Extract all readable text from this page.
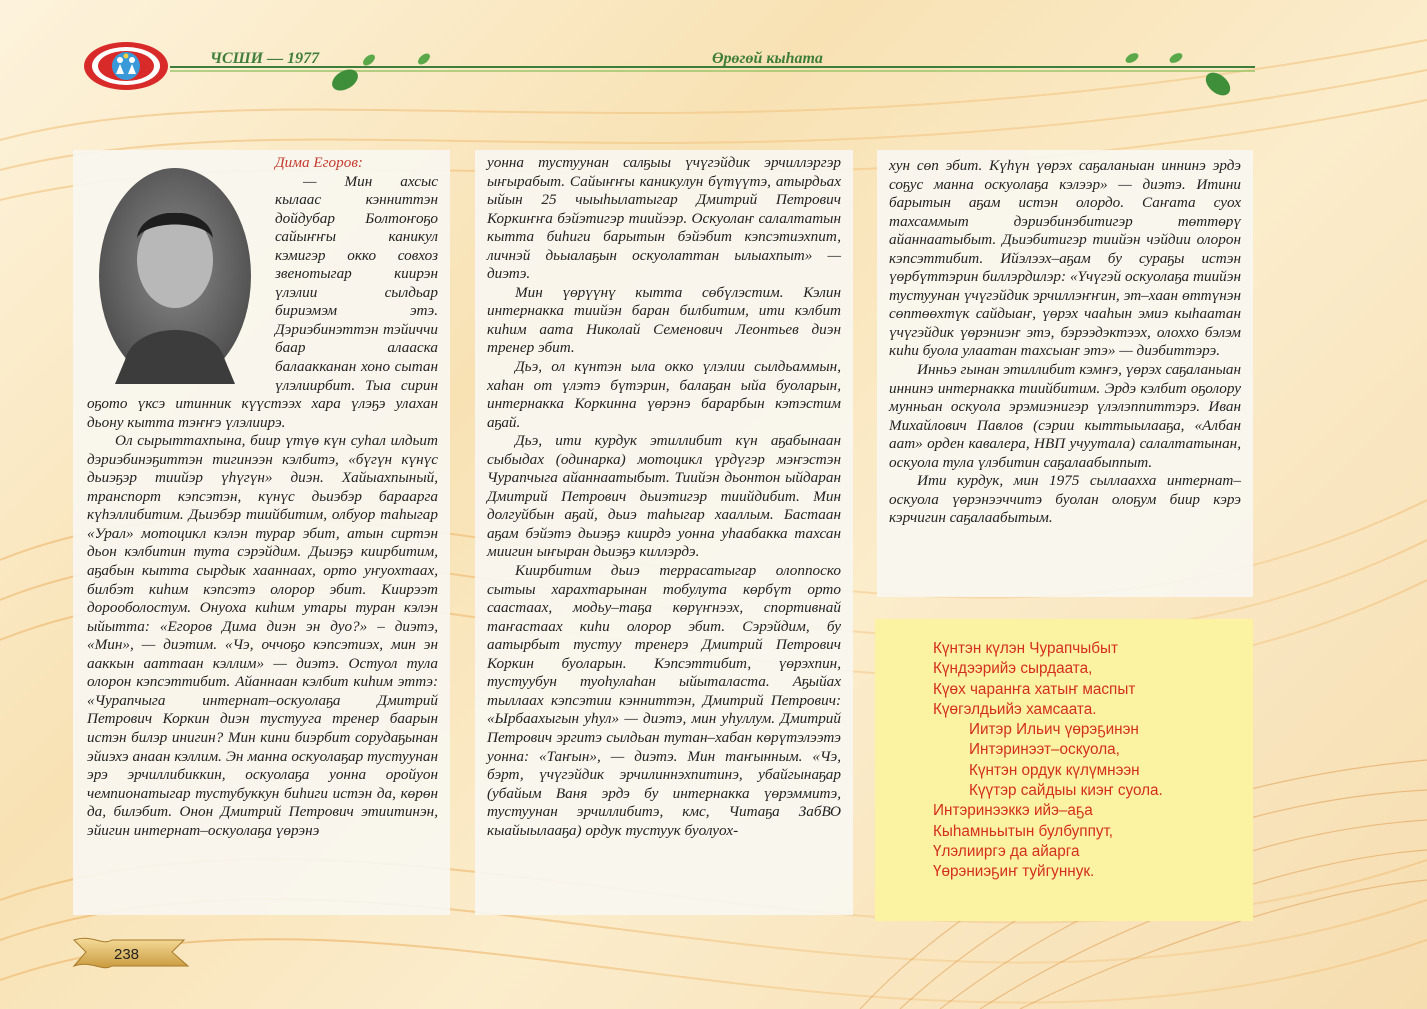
ЧСШИ — 1977	Өрөгөй кыһата

Дима Егоров:

— Мин ахсыс кылаас кэнниттэн дойдубар Болтоҥоҕо сайыҥҥы каникул кэмигэр окко совхоз звенотыгар киирэн үлэлии сылдьар бириэмэм этэ. Дэриэбинэттэн тэйиччи баар алааска балаакканан хоно сытан үлэлиирбит. Тыа сирин оҕото үксэ итинник күүстээх хара үлэҕэ улахан дьону кытта тэҥҥэ үлэлиирэ.

Ол сырыттахпына, биир үтүө күн суһал илдьит дэриэбинэҕиттэн тигинээн кэлбитэ, «бүгүн күнүс дьиэҕэр тиийэр үһүгүн» диэн. Хайыахпыный, транспорт кэпсэтэн, күнүс дьиэбэр бараарга күһэллибитим. Дьиэбэр тиийбитим, олбуор таһыгар «Урал» мотоцикл кэлэн турар эбит, атын сиртэн дьон кэлбитин тута сэрэйдим. Дьиэҕэ киирбитим, аҕабын кытта сырдык хааннаах, орто уҥуохтаах, билбэт киһим кэпсэтэ олорор эбит. Киирээт дорооболостум. Онуоха киһим утары туран кэлэн ыйытта: «Егоров Дима диэн эн дуо?» – диэтэ, «Мин», — диэтим. «Чэ, оччоҕо кэпсэтиэх, мин эн ааккын ааттаан кэллим» — диэтэ. Остуол тула олорон кэпсэттибит. Айаннаан кэлбит киһим эттэ: «Чурапчыга интернат–оскуолаҕа Дмитрий Петрович Коркин диэн тустууга тренер баарын истэн билэр инигин? Мин кини биэрбит сорудаҕынан эйиэхэ анаан кэллим. Эн манна оскуолаҕар тустуунан эрэ эрчиллибиккин, оскуолаҕа уонна оройуон чемпионатыгар тустубуккун биһиги истэн да, көрөн да, билэбит. Онон Дмитрий Петрович этиитинэн, эйигин интернат–оскуолаҕа үөрэнэ

уонна тустуунан салҕыы үчүгэйдик эрчиллэргэр ыҥырабыт. Сайыҥҥы каникулун бүтүүтэ, атырдьах ыйын 25 чыыһылатыгар Дмитрий Петрович Коркиҥҥа бэйэтигэр тиийээр. Оскуолаҥ салалтатын кытта биһиги барытын бэйэбит кэпсэтиэхпит, личнэй дьыалаҕын оскуолаттан ылыахпыт» — диэтэ.

Мин үөрүүнү кытта сөбүлэстим. Кэлин интернакка тиийэн баран билбитим, ити кэлбит киһим аата Николай Семенович Леонтьев диэн тренер эбит.

Дьэ, ол күнтэн ыла окко үлэлии сылдьаммын, хаһан от үлэтэ бүтэрин, балаҕан ыйа буоларын, интернакка Коркинна үөрэнэ барарбын кэтэстим аҕай.

Дьэ, ити курдук этиллибит күн аҕабынаан сыбыдах (одинарка) мотоцикл үрдүгэр мэҥэстэн Чурапчыга айаннаатыбыт. Тиийэн дьонтон ыйдаран Дмитрий Петрович дьиэтигэр тиийдибит. Мин долгуйбын аҕай, дьиэ таһыгар хааллым. Бастаан аҕам бэйэтэ дьиэҕэ киирдэ уонна уһаабакка тахсан миигин ыҥыран дьиэҕэ киллэрдэ.

Киирбитим дьиэ террасатыгар олоппоско сытыы харахтарынан тобулута көрбүт орто саастаах, модьу–таҕа көрүҥнээх, спортивнай таҥастаах киһи олорор эбит. Сэрэйдим, бу аатырбыт тустуу тренерэ Дмитрий Петрович Коркин буоларын. Кэпсэттибит, үөрэхпин, тустуубун туоһулаһан ыйыталаста. Аҕыйах тыллаах кэпсэтии кэнниттэн, Дмитрий Петрович: «Ырбаахыгын уһул» — диэтэ, мин уһуллум. Дмитрий Петрович эргитэ сылдьан тутан–хабан көрүтэлээтэ уонна: «Таҥын», — диэтэ. Мин таҥынным. «Чэ, бэрт, үчүгэйдик эрчилиннэхпитинэ, убайгынаҕар (убайым Ваня эрдэ бу интернакка үөрэммитэ, тустуунан эрчиллибитэ, кмс, Читаҕа ЗабВО кыайыылааҕа) ордук тустуук буолуох-

хун сөп эбит. Күһүн үөрэх саҕаланыан иннинэ эрдэ соҕус манна оскуолаҕа кэлээр» — диэтэ. Итини барытын аҕам истэн олордо. Саҥата суох тахсаммыт дэриэбинэбитигэр төттөрү айаннаатыбыт. Дьиэбитигэр тиийэн чэйдии олорон кэпсэттибит. Ийэлээх–аҕам бу сураҕы истэн үөрбүттэрин биллэрдилэр: «Үчүгэй оскуолаҕа тиийэн тустуунан үчүгэйдик эрчиллэҥҥин, эт–хаан өттүнэн сөптөөхтүк сайдыаҥ, үөрэх чааһын эмиэ кыһаатан үчүгэйдик үөрэниэҥ этэ, бэрээдэктээх, олоххо бэлэм киһи буола улаатан тахсыаҥ этэ» — диэбиттэрэ.

Инньэ гынан этиллибит кэмҥэ, үөрэх саҕаланыан иннинэ интернакка тиийбитим. Эрдэ кэлбит оҕолору мунньан оскуола эрэмиэнигэр үлэлэппиттэрэ. Иван Михайлович Павлов (сэрии кыттыылааҕа, «Албан аат» орден кавалера, НВП учуутала) салалтатынан, оскуола тула үлэбитин саҕалаабыппыт.

Ити курдук, мин 1975 сыллаахха интернат–оскуола үөрэнээччитэ буолан олоҕум биир кэрэ кэрчигин саҕалаабытым.

Күнтэн күлэн Чурапчыбыт
Күндээрийэ сырдаата,
Күөх чаранҥа хатыҥ маспыт
Күөгэлдьийэ хамсаата.
Иитэр Ильич үөрэҕинэн
Интэринээт–оскуола,
Күнтэн ордук күлүмнээн
Күүтэр сайдыы киэҥ суола.
Интэринээккэ ийэ–аҕа
Кыһамньытын булбуппут,
Үлэлииргэ да айарга
Үөрэниэҕиҥ туйгуннук.
238
